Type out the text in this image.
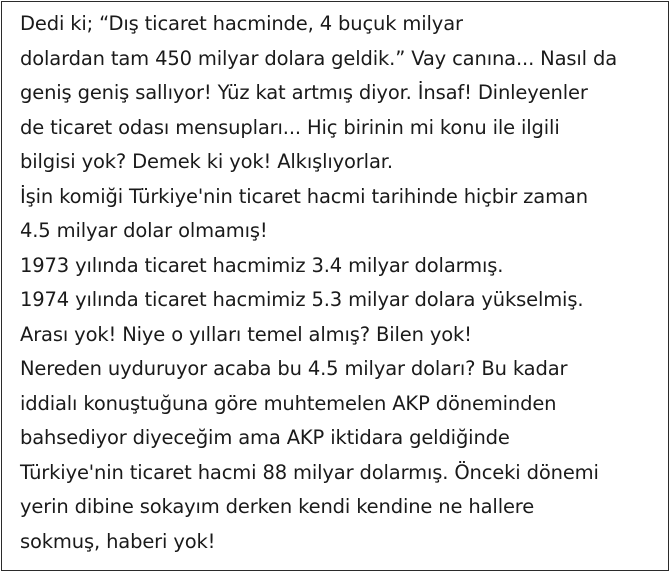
Dedi ki; “Dış ticaret hacminde, 4 buçuk milyar
dolardan tam 450 milyar dolara geldik.” Vay canına... Nasıl da
geniş geniş sallıyor! Yüz kat artmış diyor. İnsaf! Dinleyenler
de ticaret odası mensupları... Hiç birinin mi konu ile ilgili
bilgisi yok? Demek ki yok! Alkışlıyorlar.
İşin komiği Türkiye'nin ticaret hacmi tarihinde hiçbir zaman
4.5 milyar dolar olmamış!
1973 yılında ticaret hacmimiz 3.4 milyar dolarmış.
1974 yılında ticaret hacmimiz 5.3 milyar dolara yükselmiş.
Arası yok! Niye o yılları temel almış? Bilen yok!
Nereden uyduruyor acaba bu 4.5 milyar doları? Bu kadar
iddialı konuştuğuna göre muhtemelen AKP döneminden
bahsediyor diyeceğim ama AKP iktidara geldiğinde
Türkiye'nin ticaret hacmi 88 milyar dolarmış. Önceki dönemi
yerin dibine sokayım derken kendi kendine ne hallere
sokmuş, haberi yok!
